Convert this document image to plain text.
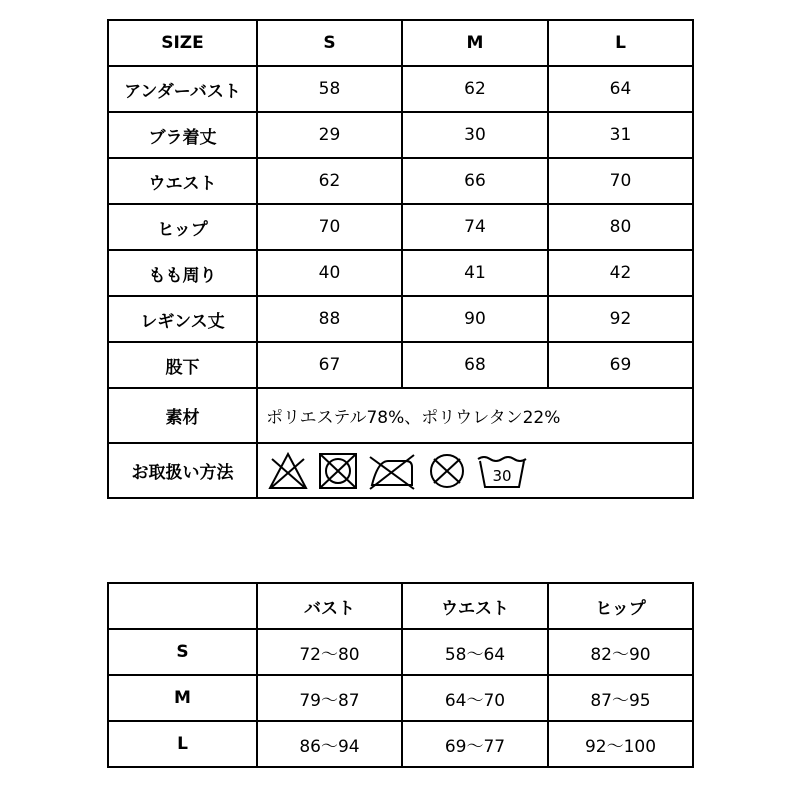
SIZE	S	M	L
アンダーバスト	58	62	64
ブラ着丈	29	30	31
ウエスト	62	66	70
ヒップ	70	74	80
もも周り	40	41	42
レギンス丈	88	90	92
股下	67	68	69
素材	ポリエステル78%、ポリウレタン22%		
お取扱い方法	30		
	バスト	ウエスト	ヒップ
S	72〜80	58〜64	82〜90
M	79〜87	64〜70	87〜95
L	86〜94	69〜77	92〜100
